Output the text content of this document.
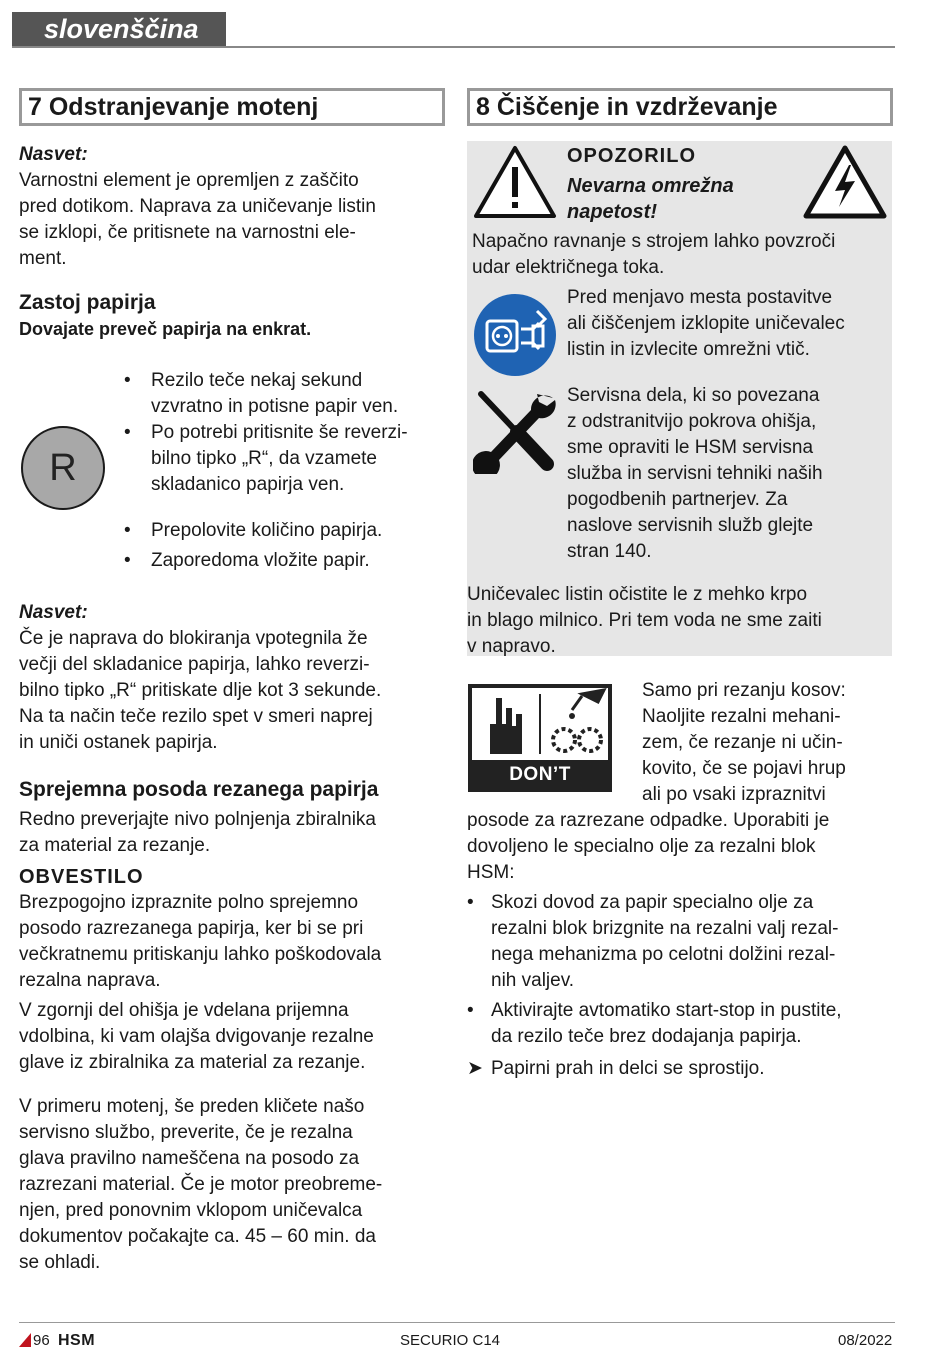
slovenščina
7 Odstranjevanje motenj
Nasvet:
Varnostni element je opremljen z zaščito
pred dotikom. Naprava za uničevanje listin
se izklopi, če pritisnete na varnostni ele-
ment.
Zastoj papirja
Dovajate preveč papirja na enkrat.
R
• Rezilo teče nekaj sekund
vzvratno in potisne papir ven.
• Po potrebi pritisnite še reverzi-
bilno tipko „R“, da vzamete
skladanico papirja ven.
• Prepolovite količino papirja.
• Zaporedoma vložite papir.
Nasvet:
Če je naprava do blokiranja vpotegnila že
večji del skladanice papirja, lahko reverzi-
bilno tipko „R“ pritiskate dlje kot 3 sekunde.
Na ta način teče rezilo spet v smeri naprej
in uniči ostanek papirja.
Sprejemna posoda rezanega papirja
Redno preverjajte nivo polnjenja zbiralnika
za material za rezanje.
OBVESTILO
Brezpogojno izpraznite polno sprejemno
posodo razrezanega papirja, ker bi se pri
večkratnemu pritiskanju lahko poškodovala
rezalna naprava.
V zgornji del ohišja je vdelana prijemna
vdolbina, ki vam olajša dvigovanje rezalne
glave iz zbiralnika za material za rezanje.
V primeru motenj, še preden kličete našo
servisno službo, preverite, če je rezalna
glava pravilno nameščena na posodo za
razrezani material. Če je motor preobreme-
njen, pred ponovnim vklopom uničevalca
dokumentov počakajte ca. 45 – 60 min. da
se ohladi.
8 Čiščenje in vzdrževanje
OPOZORILO
Nevarna omrežna
napetost!
Napačno ravnanje s strojem lahko povzroči
udar električnega toka.
Pred menjavo mesta postavitve
ali čiščenjem izklopite uničevalec
listin in izvlecite omrežni vtič.
Servisna dela, ki so povezana
z odstranitvijo pokrova ohišja,
sme opraviti le HSM servisna
služba in servisni tehniki naših
pogodbenih partnerjev. Za
naslove servisnih služb glejte
stran 140.
Uničevalec listin očistite le z mehko krpo
in blago milnico. Pri tem voda ne sme zaiti
v napravo.
DON’T FORGET
Samo pri rezanju kosov:
Naoljite rezalni mehani-
zem, če rezanje ni učin-
kovito, če se pojavi hrup
ali po vsaki izpraznitvi
posode za razrezane odpadke. Uporabiti je
dovoljeno le specialno olje za rezalni blok
HSM:
• Skozi dovod za papir specialno olje za
rezalni blok brizgnite na rezalni valj rezal-
nega mehanizma po celotni dolžini rezal-
nih valjev.
• Aktivirajte avtomatiko start-stop in pustite,
da rezilo teče brez dodajanja papirja.
➤ Papirni prah in delci se sprostijo.
96 HSM	SECURIO C14	08/2022
